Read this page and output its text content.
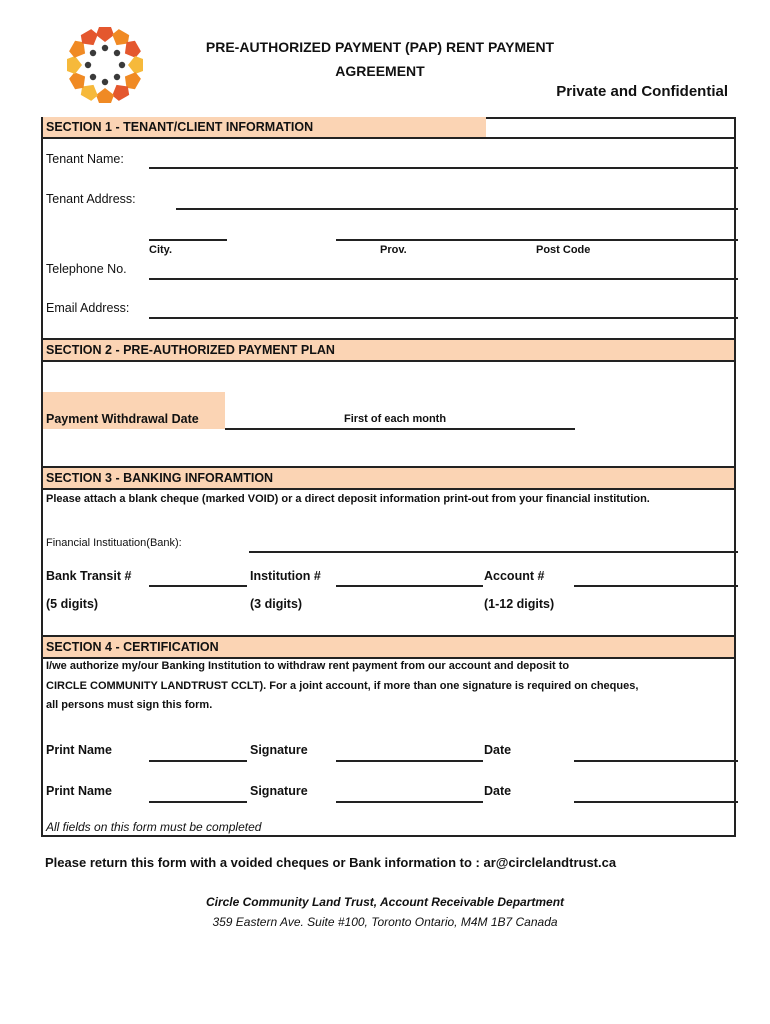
PRE-AUTHORIZED PAYMENT (PAP) RENT PAYMENT
AGREEMENT
Private and Confidential
SECTION 1 - TENANT/CLIENT INFORMATION
Tenant Name:
Tenant Address:
City.	Prov.	Post Code
Telephone No.
Email Address:
SECTION 2 - PRE-AUTHORIZED PAYMENT PLAN
Payment Withdrawal Date	First of each month
SECTION 3 - BANKING INFORAMTION
Please attach a blank cheque (marked VOID) or a direct deposit information print-out from your financial institution.
Financial Instituation(Bank):
Bank Transit #	Institution #	Account #
(5 digits)	(3 digits)	(1-12 digits)
SECTION 4 - CERTIFICATION
I/we authorize my/our Banking Institution to withdraw rent payment from our account and deposit to
CIRCLE COMMUNITY LANDTRUST CCLT). For a joint account, if more than one signature is required on cheques,
all persons must sign this form.
Print Name	Signature	Date
Print Name	Signature	Date
All fields on this form must be completed
Please return this form with a voided cheques or Bank information to : ar@circlelandtrust.ca
Circle Community Land Trust, Account Receivable Department
359 Eastern Ave. Suite #100, Toronto Ontario, M4M 1B7 Canada
